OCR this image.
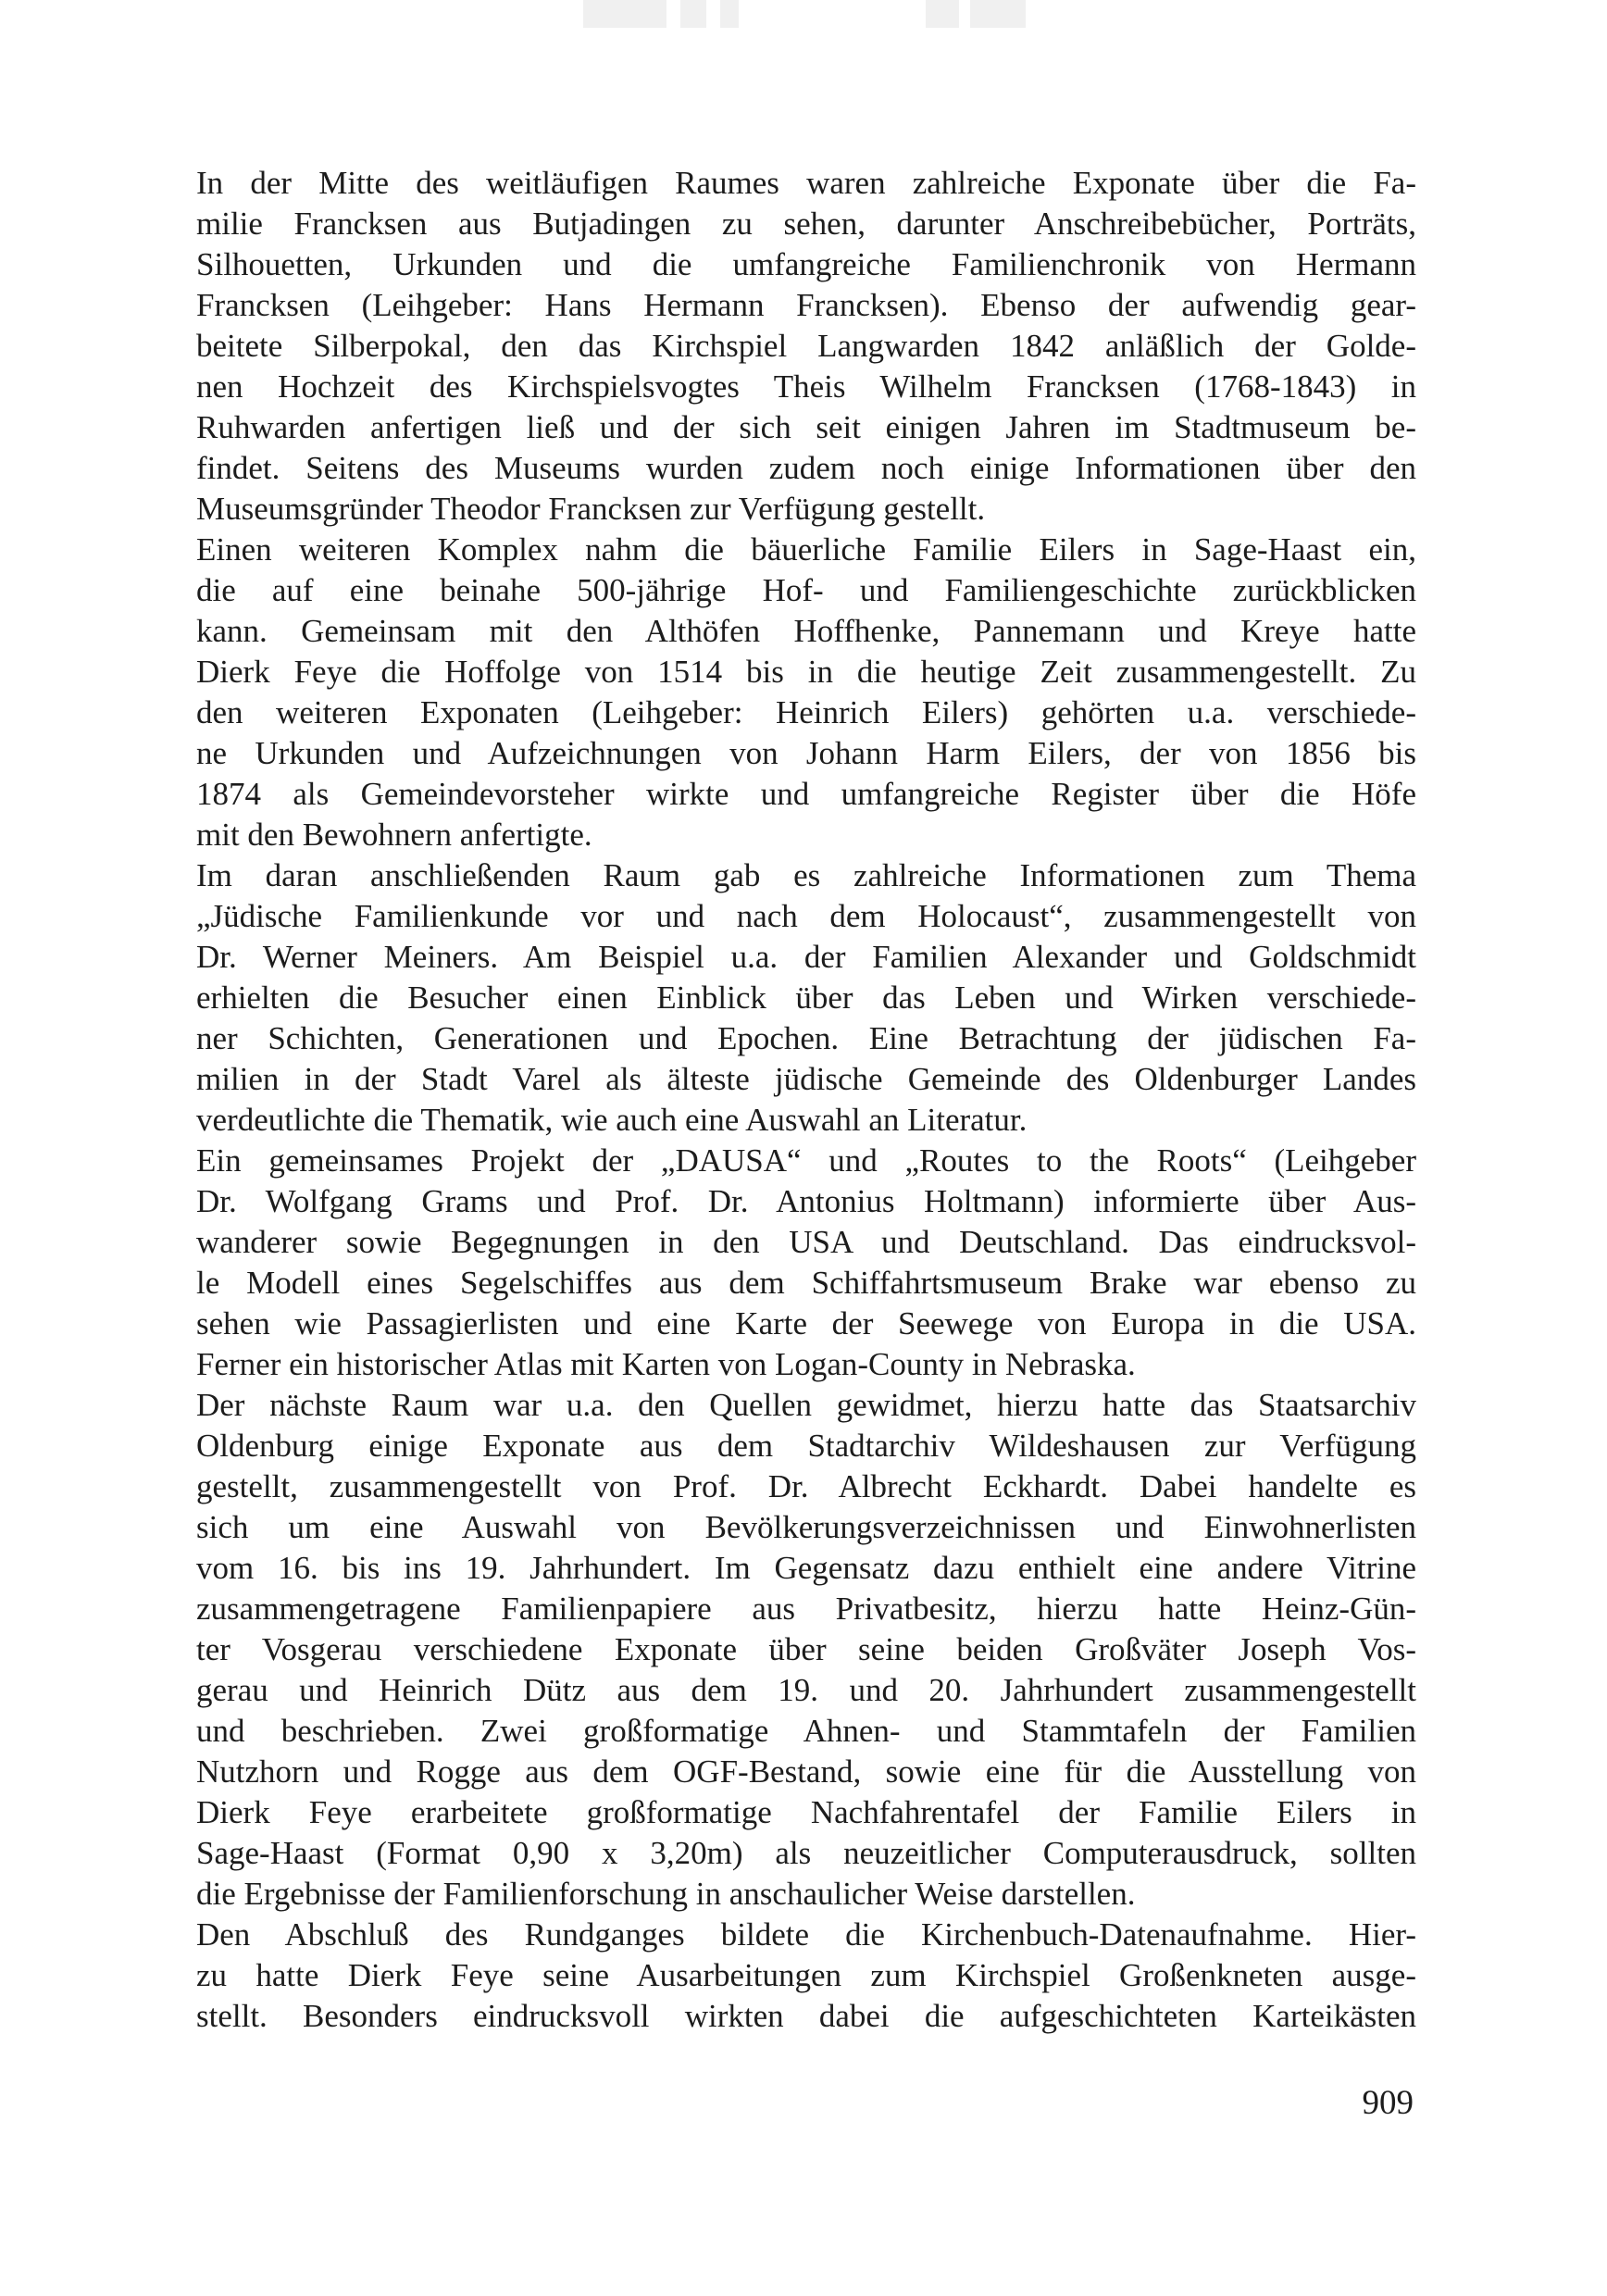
In der Mitte des weitläufigen Raumes waren zahlreiche Exponate über die Fa-
milie Francksen aus Butjadingen zu sehen, darunter Anschreibebücher, Porträts,
Silhouetten, Urkunden und die umfangreiche Familienchronik von Hermann
Francksen (Leihgeber: Hans Hermann Francksen). Ebenso der aufwendig gear-
beitete Silberpokal, den das Kirchspiel Langwarden 1842 anläßlich der Golde-
nen Hochzeit des Kirchspielsvogtes Theis Wilhelm Francksen (1768-1843) in
Ruhwarden anfertigen ließ und der sich seit einigen Jahren im Stadtmuseum be-
findet. Seitens des Museums wurden zudem noch einige Informationen über den
Museumsgründer Theodor Francksen zur Verfügung gestellt.
Einen weiteren Komplex nahm die bäuerliche Familie Eilers in Sage-Haast ein,
die auf eine beinahe 500-jährige Hof- und Familiengeschichte zurückblicken
kann. Gemeinsam mit den Althöfen Hoffhenke, Pannemann und Kreye hatte
Dierk Feye die Hoffolge von 1514 bis in die heutige Zeit zusammengestellt. Zu
den weiteren Exponaten (Leihgeber: Heinrich Eilers) gehörten u.a. verschiede-
ne Urkunden und Aufzeichnungen von Johann Harm Eilers, der von 1856 bis
1874 als Gemeindevorsteher wirkte und umfangreiche Register über die Höfe
mit den Bewohnern anfertigte.
Im daran anschließenden Raum gab es zahlreiche Informationen zum Thema
„Jüdische Familienkunde vor und nach dem Holocaust“, zusammengestellt von
Dr. Werner Meiners. Am Beispiel u.a. der Familien Alexander und Goldschmidt
erhielten die Besucher einen Einblick über das Leben und Wirken verschiede-
ner Schichten, Generationen und Epochen. Eine Betrachtung der jüdischen Fa-
milien in der Stadt Varel als älteste jüdische Gemeinde des Oldenburger Landes
verdeutlichte die Thematik, wie auch eine Auswahl an Literatur.
Ein gemeinsames Projekt der „DAUSA“ und „Routes to the Roots“ (Leihgeber
Dr. Wolfgang Grams und Prof. Dr. Antonius Holtmann) informierte über Aus-
wanderer sowie Begegnungen in den USA und Deutschland. Das eindrucksvol-
le Modell eines Segelschiffes aus dem Schiffahrtsmuseum Brake war ebenso zu
sehen wie Passagierlisten und eine Karte der Seewege von Europa in die USA.
Ferner ein historischer Atlas mit Karten von Logan-County in Nebraska.
Der nächste Raum war u.a. den Quellen gewidmet, hierzu hatte das Staatsarchiv
Oldenburg einige Exponate aus dem Stadtarchiv Wildeshausen zur Verfügung
gestellt, zusammengestellt von Prof. Dr. Albrecht Eckhardt. Dabei handelte es
sich um eine Auswahl von Bevölkerungsverzeichnissen und Einwohnerlisten
vom 16. bis ins 19. Jahrhundert. Im Gegensatz dazu enthielt eine andere Vitrine
zusammengetragene Familienpapiere aus Privatbesitz, hierzu hatte Heinz-Gün-
ter Vosgerau verschiedene Exponate über seine beiden Großväter Joseph Vos-
gerau und Heinrich Dütz aus dem 19. und 20. Jahrhundert zusammengestellt
und beschrieben. Zwei großformatige Ahnen- und Stammtafeln der Familien
Nutzhorn und Rogge aus dem OGF-Bestand, sowie eine für die Ausstellung von
Dierk Feye erarbeitete großformatige Nachfahrentafel der Familie Eilers in
Sage-Haast (Format 0,90 x 3,20m) als neuzeitlicher Computerausdruck, sollten
die Ergebnisse der Familienforschung in anschaulicher Weise darstellen.
Den Abschluß des Rundganges bildete die Kirchenbuch-Datenaufnahme. Hier-
zu hatte Dierk Feye seine Ausarbeitungen zum Kirchspiel Großenkneten ausge-
stellt. Besonders eindrucksvoll wirkten dabei die aufgeschichteten Karteikästen
909
